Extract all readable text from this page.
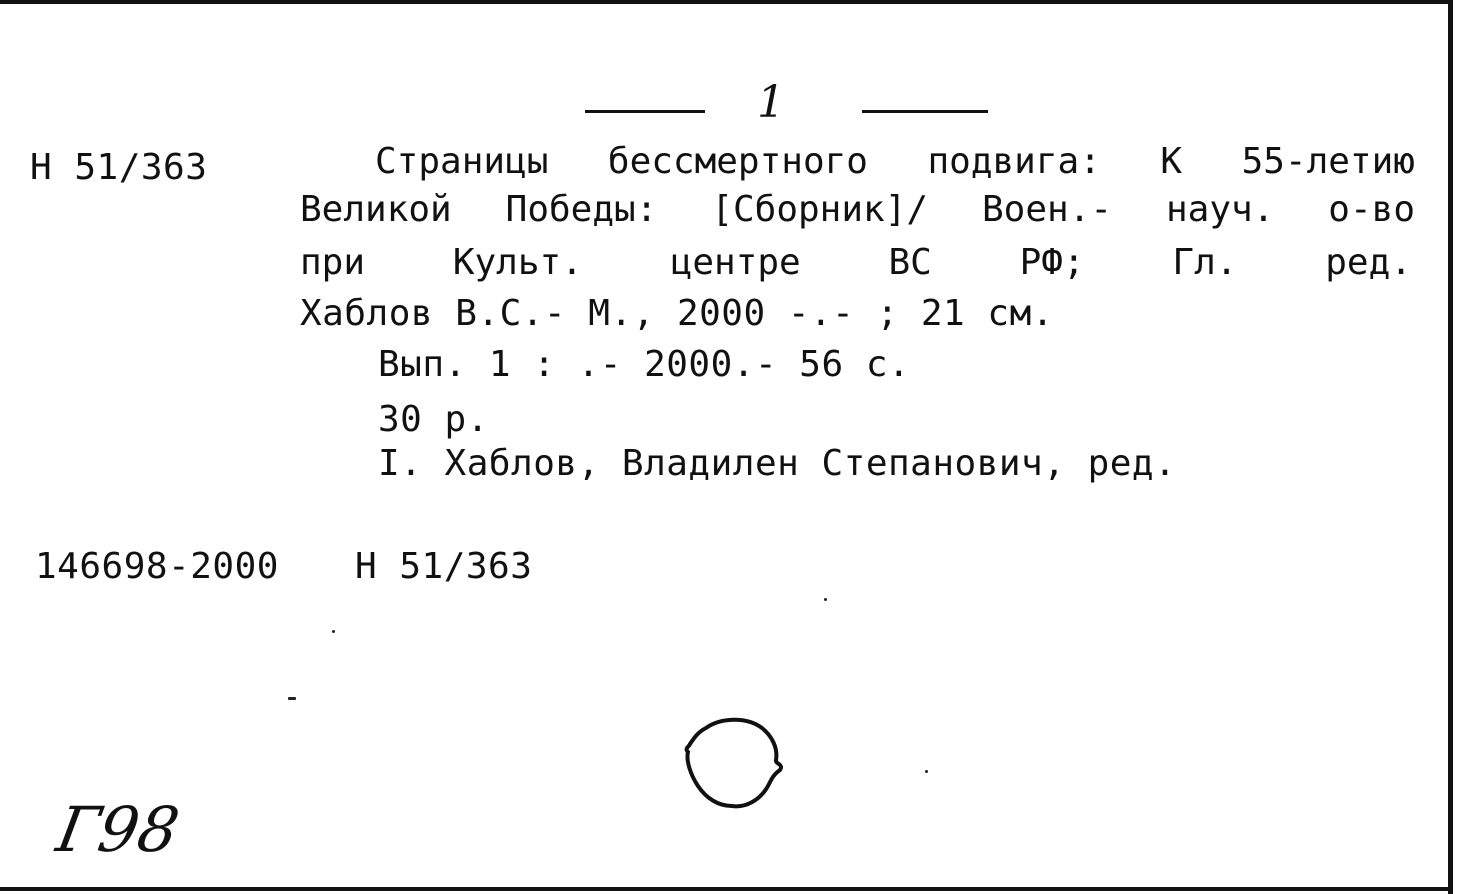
1
Н 51/363	Страницы бессмертного подвига: К 55-летию
Великой Победы: [Сборник]/ Воен.- науч. о-во
при Культ. центре ВС РФ; Гл. ред.
Хаблов В.С.- М., 2000 -.- ; 21 см.
Вып. 1 : .- 2000.- 56 с.
30 р.
I. Хаблов, Владилен Степанович, ред.
146698-2000 Н 51/363
Г98
